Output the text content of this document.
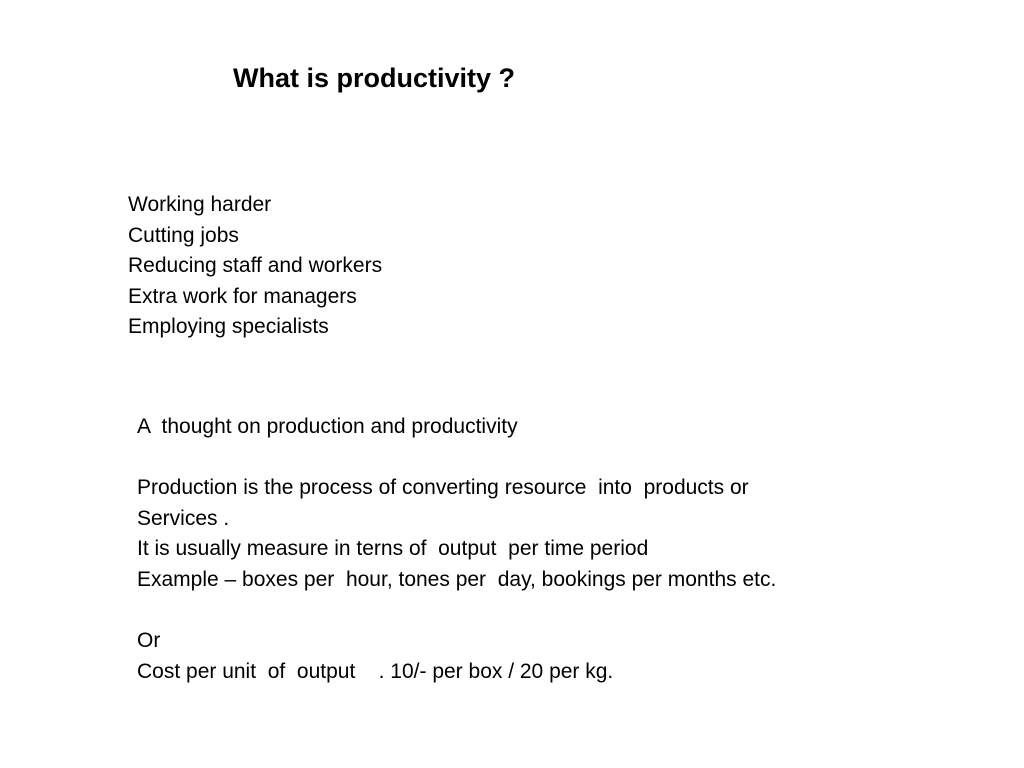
What is productivity ?
Working harder
Cutting jobs
Reducing staff and workers
Extra work for managers
Employing specialists
A  thought on production and productivity
Production is the process of converting resource  into  products or
Services .
It is usually measure in terns of  output  per time period
Example – boxes per  hour, tones per  day, bookings per months etc.
Or
Cost per unit  of  output    . 10/- per box / 20 per kg.
